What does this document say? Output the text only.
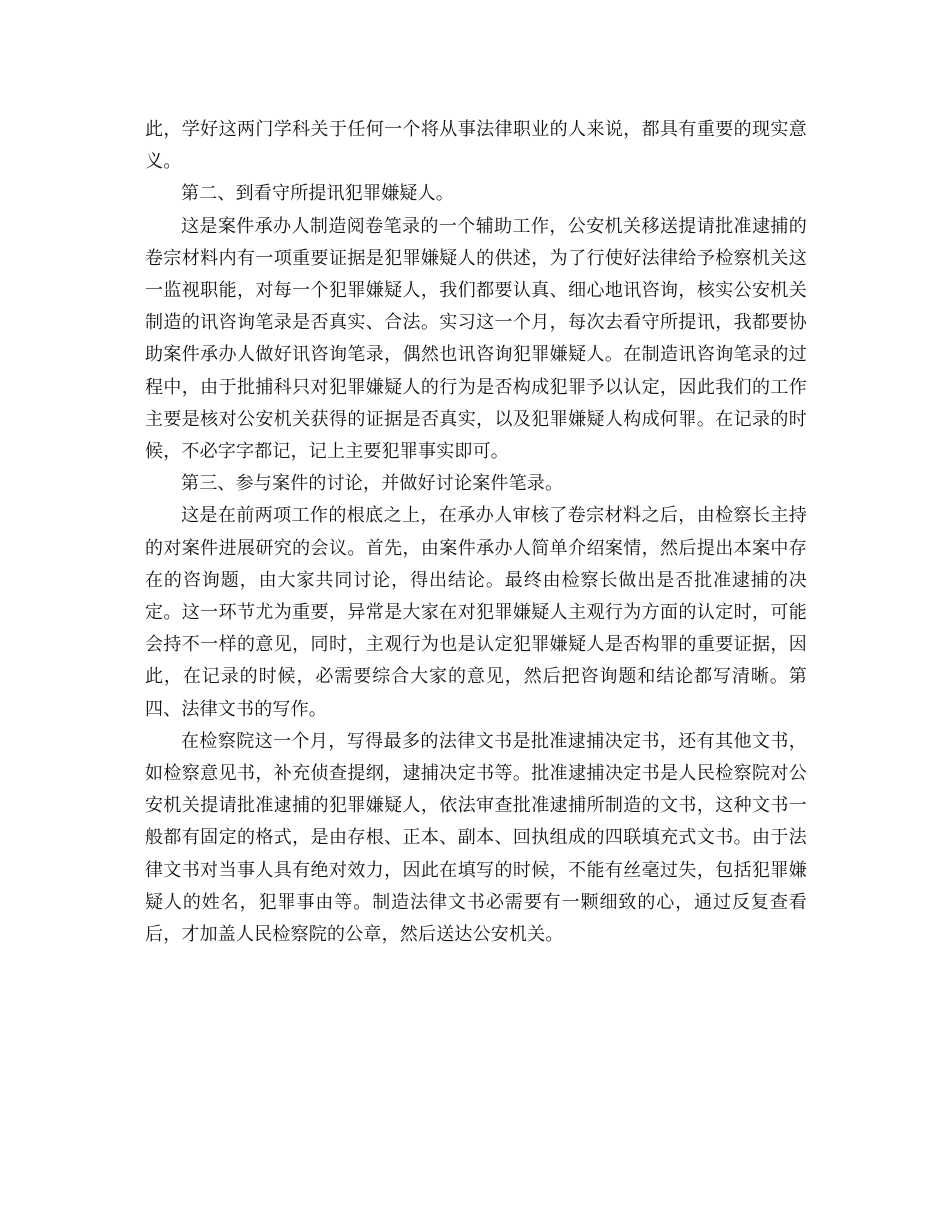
此，学好这两门学科关于任何一个将从事法律职业的人来说，都具有重要的现实意义。

第二、到看守所提讯犯罪嫌疑人。

这是案件承办人制造阅卷笔录的一个辅助工作，公安机关移送提请批准逮捕的卷宗材料内有一项重要证据是犯罪嫌疑人的供述，为了行使好法律给予检察机关这一监视职能，对每一个犯罪嫌疑人，我们都要认真、细心地讯咨询，核实公安机关制造的讯咨询笔录是否真实、合法。实习这一个月，每次去看守所提讯，我都要协助案件承办人做好讯咨询笔录，偶然也讯咨询犯罪嫌疑人。在制造讯咨询笔录的过程中，由于批捕科只对犯罪嫌疑人的行为是否构成犯罪予以认定，因此我们的工作主要是核对公安机关获得的证据是否真实，以及犯罪嫌疑人构成何罪。在记录的时候，不必字字都记，记上主要犯罪事实即可。

第三、参与案件的讨论，并做好讨论案件笔录。

这是在前两项工作的根底之上，在承办人审核了卷宗材料之后，由检察长主持的对案件进展研究的会议。首先，由案件承办人简单介绍案情，然后提出本案中存在的咨询题，由大家共同讨论，得出结论。最终由检察长做出是否批准逮捕的决定。这一环节尤为重要，异常是大家在对犯罪嫌疑人主观行为方面的认定时，可能会持不一样的意见，同时，主观行为也是认定犯罪嫌疑人是否构罪的重要证据，因此，在记录的时候，必需要综合大家的意见，然后把咨询题和结论都写清晰。第四、法律文书的写作。

在检察院这一个月，写得最多的法律文书是批准逮捕决定书，还有其他文书，如检察意见书，补充侦查提纲，逮捕决定书等。批准逮捕决定书是人民检察院对公安机关提请批准逮捕的犯罪嫌疑人，依法审查批准逮捕所制造的文书，这种文书一般都有固定的格式，是由存根、正本、副本、回执组成的四联填充式文书。由于法律文书对当事人具有绝对效力，因此在填写的时候，不能有丝毫过失，包括犯罪嫌疑人的姓名，犯罪事由等。制造法律文书必需要有一颗细致的心，通过反复查看后，才加盖人民检察院的公章，然后送达公安机关。
